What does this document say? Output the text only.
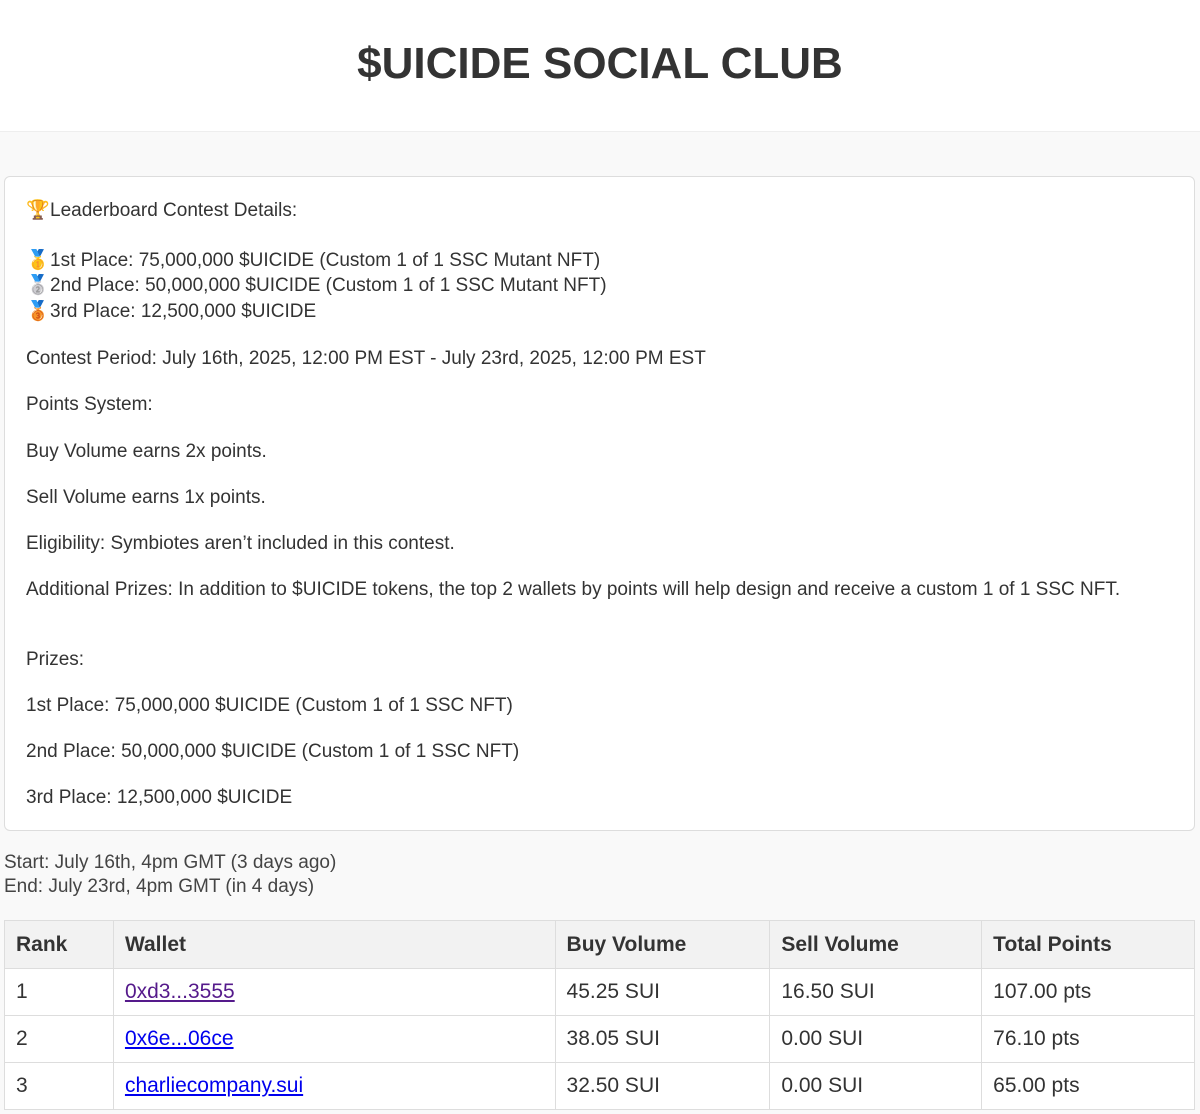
$UICIDE SOCIAL CLUB

🏆Leaderboard Contest Details:

🥇1st Place: 75,000,000 $UICIDE (Custom 1 of 1 SSC Mutant NFT)

🥈2nd Place: 50,000,000 $UICIDE (Custom 1 of 1 SSC Mutant NFT)

🥉3rd Place: 12,500,000 $UICIDE

Contest Period: July 16th, 2025, 12:00 PM EST - July 23rd, 2025, 12:00 PM EST

Points System:

Buy Volume earns 2x points.

Sell Volume earns 1x points.

Eligibility: Symbiotes aren’t included in this contest.

Additional Prizes: In addition to $UICIDE tokens, the top 2 wallets by points will help design and receive a custom 1 of 1 SSC NFT.

Prizes:

1st Place: 75,000,000 $UICIDE (Custom 1 of 1 SSC NFT)

2nd Place: 50,000,000 $UICIDE (Custom 1 of 1 SSC NFT)

3rd Place: 12,500,000 $UICIDE

Start: July 16th, 4pm GMT (3 days ago)
End: July 23rd, 4pm GMT (in 4 days)
Rank	Wallet	Buy Volume	Sell Volume	Total Points
1	0xd3...3555	45.25 SUI	16.50 SUI	107.00 pts
2	0x6e...06ce	38.05 SUI	0.00 SUI	76.10 pts
3	charliecompany.sui	32.50 SUI	0.00 SUI	65.00 pts
